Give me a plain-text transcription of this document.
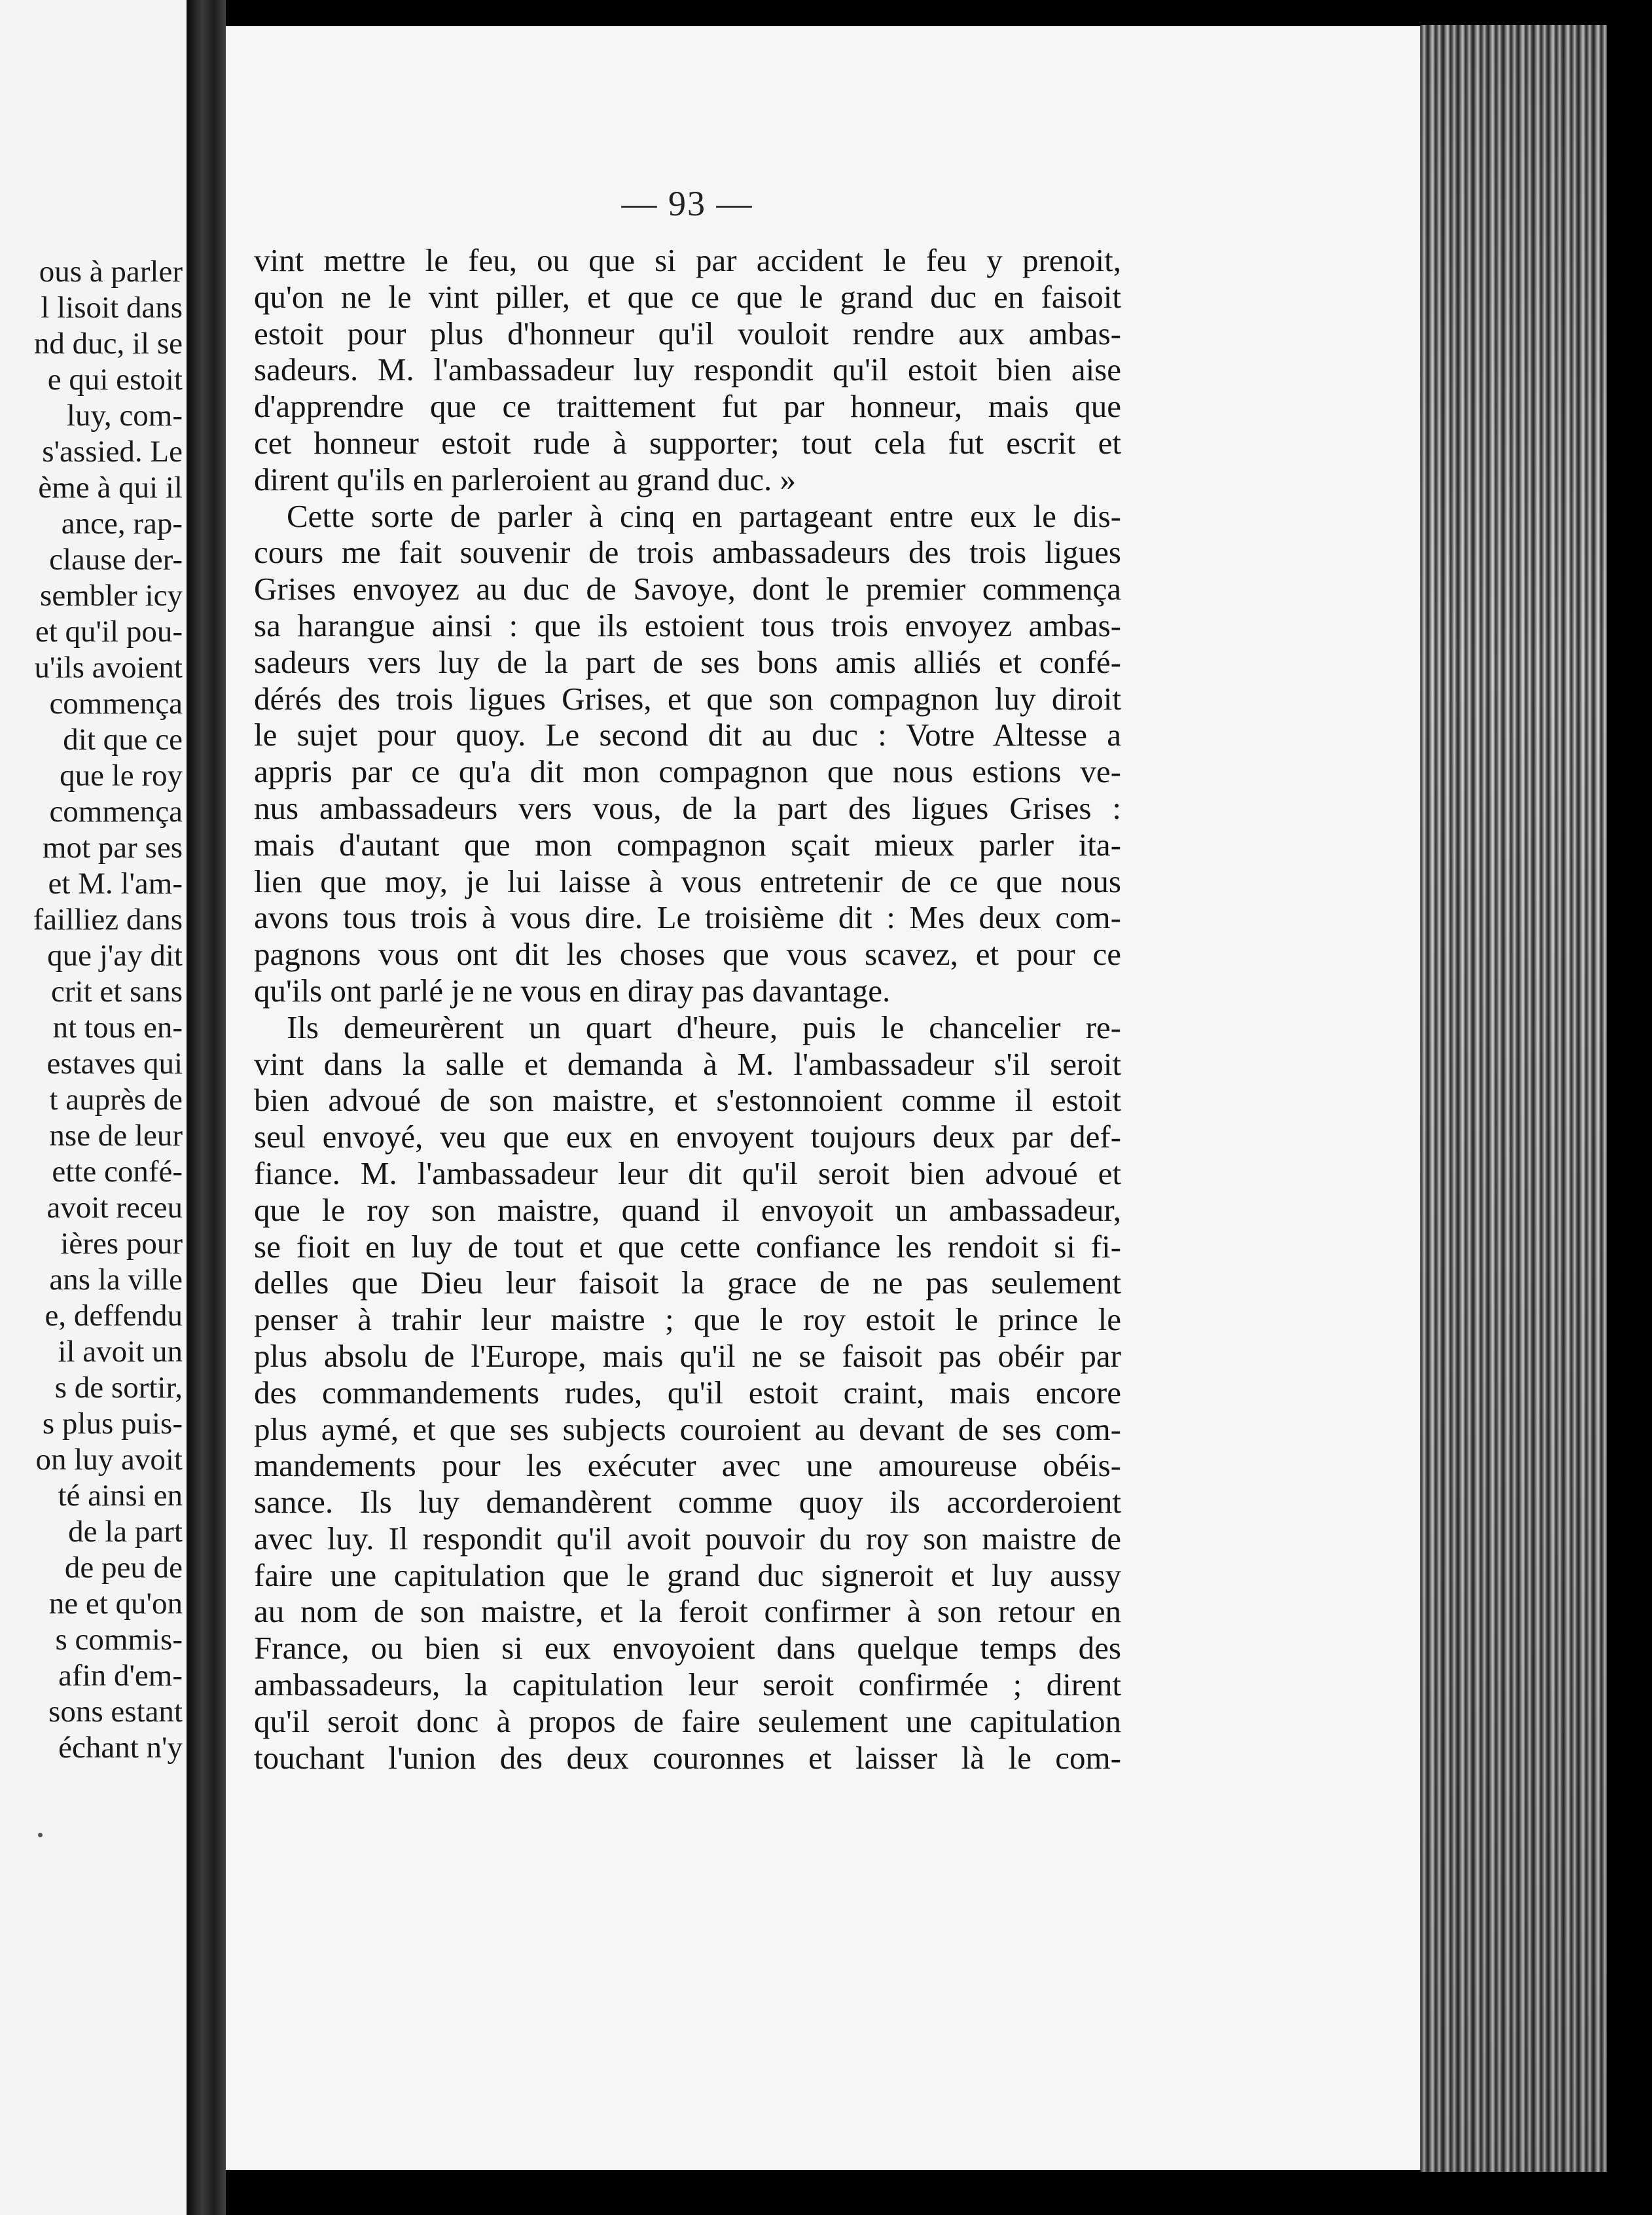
ous à parler
l lisoit dans
nd duc, il se
e qui estoit
luy, com-
s'assied. Le
ème à qui il
ance, rap-
clause der-
sembler icy
et qu'il pou-
u'ils avoient
commença
dit que ce
que le roy
commença
mot par ses
et M. l'am-
failliez dans
que j'ay dit
crit et sans
nt tous en-
estaves qui
t auprès de
nse de leur
ette confé-
avoit receu
ières pour
ans la ville
e, deffendu
il avoit un
s de sortir,
s plus puis-
on luy avoit
té ainsi en
de la part
de peu de
ne et qu'on
s commis-
afin d'em-
sons estant
échant n'y
— 93 —
vint mettre le feu, ou que si par accident le feu y prenoit,
qu'on ne le vint piller, et que ce que le grand duc en faisoit
estoit pour plus d'honneur qu'il vouloit rendre aux ambas-
sadeurs. M. l'ambassadeur luy respondit qu'il estoit bien aise
d'apprendre que ce traittement fut par honneur, mais que
cet honneur estoit rude à supporter; tout cela fut escrit et
dirent qu'ils en parleroient au grand duc. »
Cette sorte de parler à cinq en partageant entre eux le dis-
cours me fait souvenir de trois ambassadeurs des trois ligues
Grises envoyez au duc de Savoye, dont le premier commença
sa harangue ainsi : que ils estoient tous trois envoyez ambas-
sadeurs vers luy de la part de ses bons amis alliés et confé-
dérés des trois ligues Grises, et que son compagnon luy diroit
le sujet pour quoy. Le second dit au duc : Votre Altesse a
appris par ce qu'a dit mon compagnon que nous estions ve-
nus ambassadeurs vers vous, de la part des ligues Grises :
mais d'autant que mon compagnon sçait mieux parler ita-
lien que moy, je lui laisse à vous entretenir de ce que nous
avons tous trois à vous dire. Le troisième dit : Mes deux com-
pagnons vous ont dit les choses que vous scavez, et pour ce
qu'ils ont parlé je ne vous en diray pas davantage.
Ils demeurèrent un quart d'heure, puis le chancelier re-
vint dans la salle et demanda à M. l'ambassadeur s'il seroit
bien advoué de son maistre, et s'estonnoient comme il estoit
seul envoyé, veu que eux en envoyent toujours deux par def-
fiance. M. l'ambassadeur leur dit qu'il seroit bien advoué et
que le roy son maistre, quand il envoyoit un ambassadeur,
se fioit en luy de tout et que cette confiance les rendoit si fi-
delles que Dieu leur faisoit la grace de ne pas seulement
penser à trahir leur maistre ; que le roy estoit le prince le
plus absolu de l'Europe, mais qu'il ne se faisoit pas obéir par
des commandements rudes, qu'il estoit craint, mais encore
plus aymé, et que ses subjects couroient au devant de ses com-
mandements pour les exécuter avec une amoureuse obéis-
sance. Ils luy demandèrent comme quoy ils accorderoient
avec luy. Il respondit qu'il avoit pouvoir du roy son maistre de
faire une capitulation que le grand duc signeroit et luy aussy
au nom de son maistre, et la feroit confirmer à son retour en
France, ou bien si eux envoyoient dans quelque temps des
ambassadeurs, la capitulation leur seroit confirmée ; dirent
qu'il seroit donc à propos de faire seulement une capitulation
touchant l'union des deux couronnes et laisser là le com-
